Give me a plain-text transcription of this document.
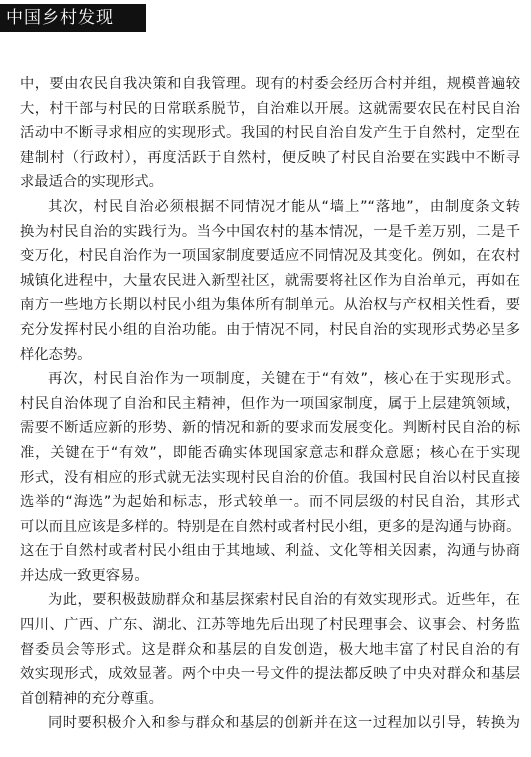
中国乡村发现
中，要由农民自我决策和自我管理。现有的村委会经历合村并组，规模普遍较
大，村干部与村民的日常联系脱节，自治难以开展。这就需要农民在村民自治
活动中不断寻求相应的实现形式。我国的村民自治自发产生于自然村，定型在
建制村（行政村），再度活跃于自然村，便反映了村民自治要在实践中不断寻
求最适合的实现形式。
其次，村民自治必须根据不同情况才能从“墙上”“落地”，由制度条文转
换为村民自治的实践行为。当今中国农村的基本情况，一是千差万别，二是千
变万化，村民自治作为一项国家制度要适应不同情况及其变化。例如，在农村
城镇化进程中，大量农民进入新型社区，就需要将社区作为自治单元，再如在
南方一些地方长期以村民小组为集体所有制单元。从治权与产权相关性看，要
充分发挥村民小组的自治功能。由于情况不同，村民自治的实现形式势必呈多
样化态势。
再次，村民自治作为一项制度，关键在于“有效”，核心在于实现形式。
村民自治体现了自治和民主精神，但作为一项国家制度，属于上层建筑领域，
需要不断适应新的形势、新的情况和新的要求而发展变化。判断村民自治的标
准，关键在于“有效”，即能否确实体现国家意志和群众意愿；核心在于实现
形式，没有相应的形式就无法实现村民自治的价值。我国村民自治以村民直接
选举的“海选”为起始和标志，形式较单一。而不同层级的村民自治，其形式
可以而且应该是多样的。特别是在自然村或者村民小组，更多的是沟通与协商。
这在于自然村或者村民小组由于其地域、利益、文化等相关因素，沟通与协商
并达成一致更容易。
为此，要积极鼓励群众和基层探索村民自治的有效实现形式。近些年，在
四川、广西、广东、湖北、江苏等地先后出现了村民理事会、议事会、村务监
督委员会等形式。这是群众和基层的自发创造，极大地丰富了村民自治的有
效实现形式，成效显著。两个中央一号文件的提法都反映了中央对群众和基层
首创精神的充分尊重。
同时要积极介入和参与群众和基层的创新并在这一过程加以引导，转换为
